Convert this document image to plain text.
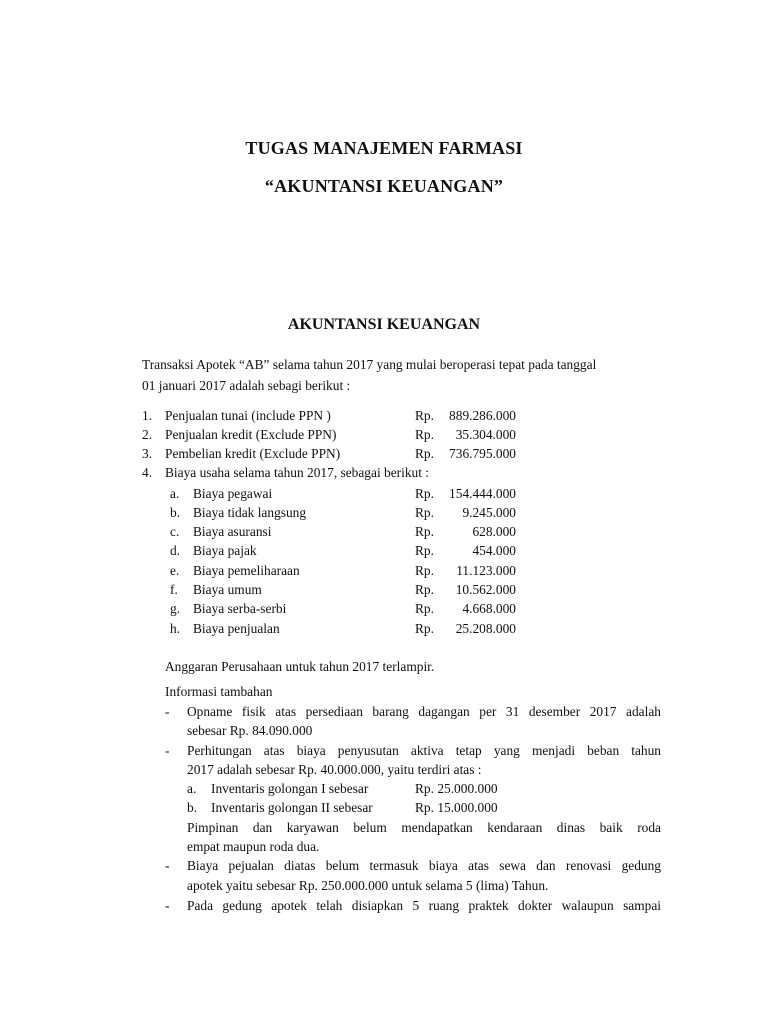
TUGAS MANAJEMEN FARMASI
“AKUNTANSI KEUANGAN”
AKUNTANSI KEUANGAN
Transaksi Apotek “AB” selama tahun 2017 yang mulai beroperasi tepat pada tanggal
01 januari 2017 adalah sebagi berikut :
1. Penjualan tunai (include PPN )	Rp.	889.286.000
2. Penjualan kredit (Exclude PPN)	Rp.	35.304.000
3. Pembelian kredit (Exclude PPN)	Rp.	736.795.000
4. Biaya usaha selama tahun 2017, sebagai berikut :
a. Biaya pegawai	Rp.	154.444.000
b. Biaya tidak langsung	Rp.	9.245.000
c. Biaya asuransi	Rp.	628.000
d. Biaya pajak	Rp.	454.000
e. Biaya pemeliharaan	Rp.	11.123.000
f. Biaya umum	Rp.	10.562.000
g. Biaya serba-serbi	Rp.	4.668.000
h. Biaya penjualan	Rp.	25.208.000
Anggaran Perusahaan untuk tahun 2017 terlampir.
Informasi tambahan
- Opname fisik atas persediaan barang dagangan per 31 desember 2017 adalah
sebesar Rp. 84.090.000
- Perhitungan atas biaya penyusutan aktiva tetap yang menjadi beban tahun
2017 adalah sebesar Rp. 40.000.000, yaitu terdiri atas :
a. Inventaris golongan I sebesar	Rp. 25.000.000
b. Inventaris golongan II sebesar	Rp. 15.000.000
Pimpinan dan karyawan belum mendapatkan kendaraan dinas baik roda
empat maupun roda dua.
- Biaya pejualan diatas belum termasuk biaya atas sewa dan renovasi gedung
apotek yaitu sebesar Rp. 250.000.000 untuk selama 5 (lima) Tahun.
- Pada gedung apotek telah disiapkan 5 ruang praktek dokter walaupun sampai
